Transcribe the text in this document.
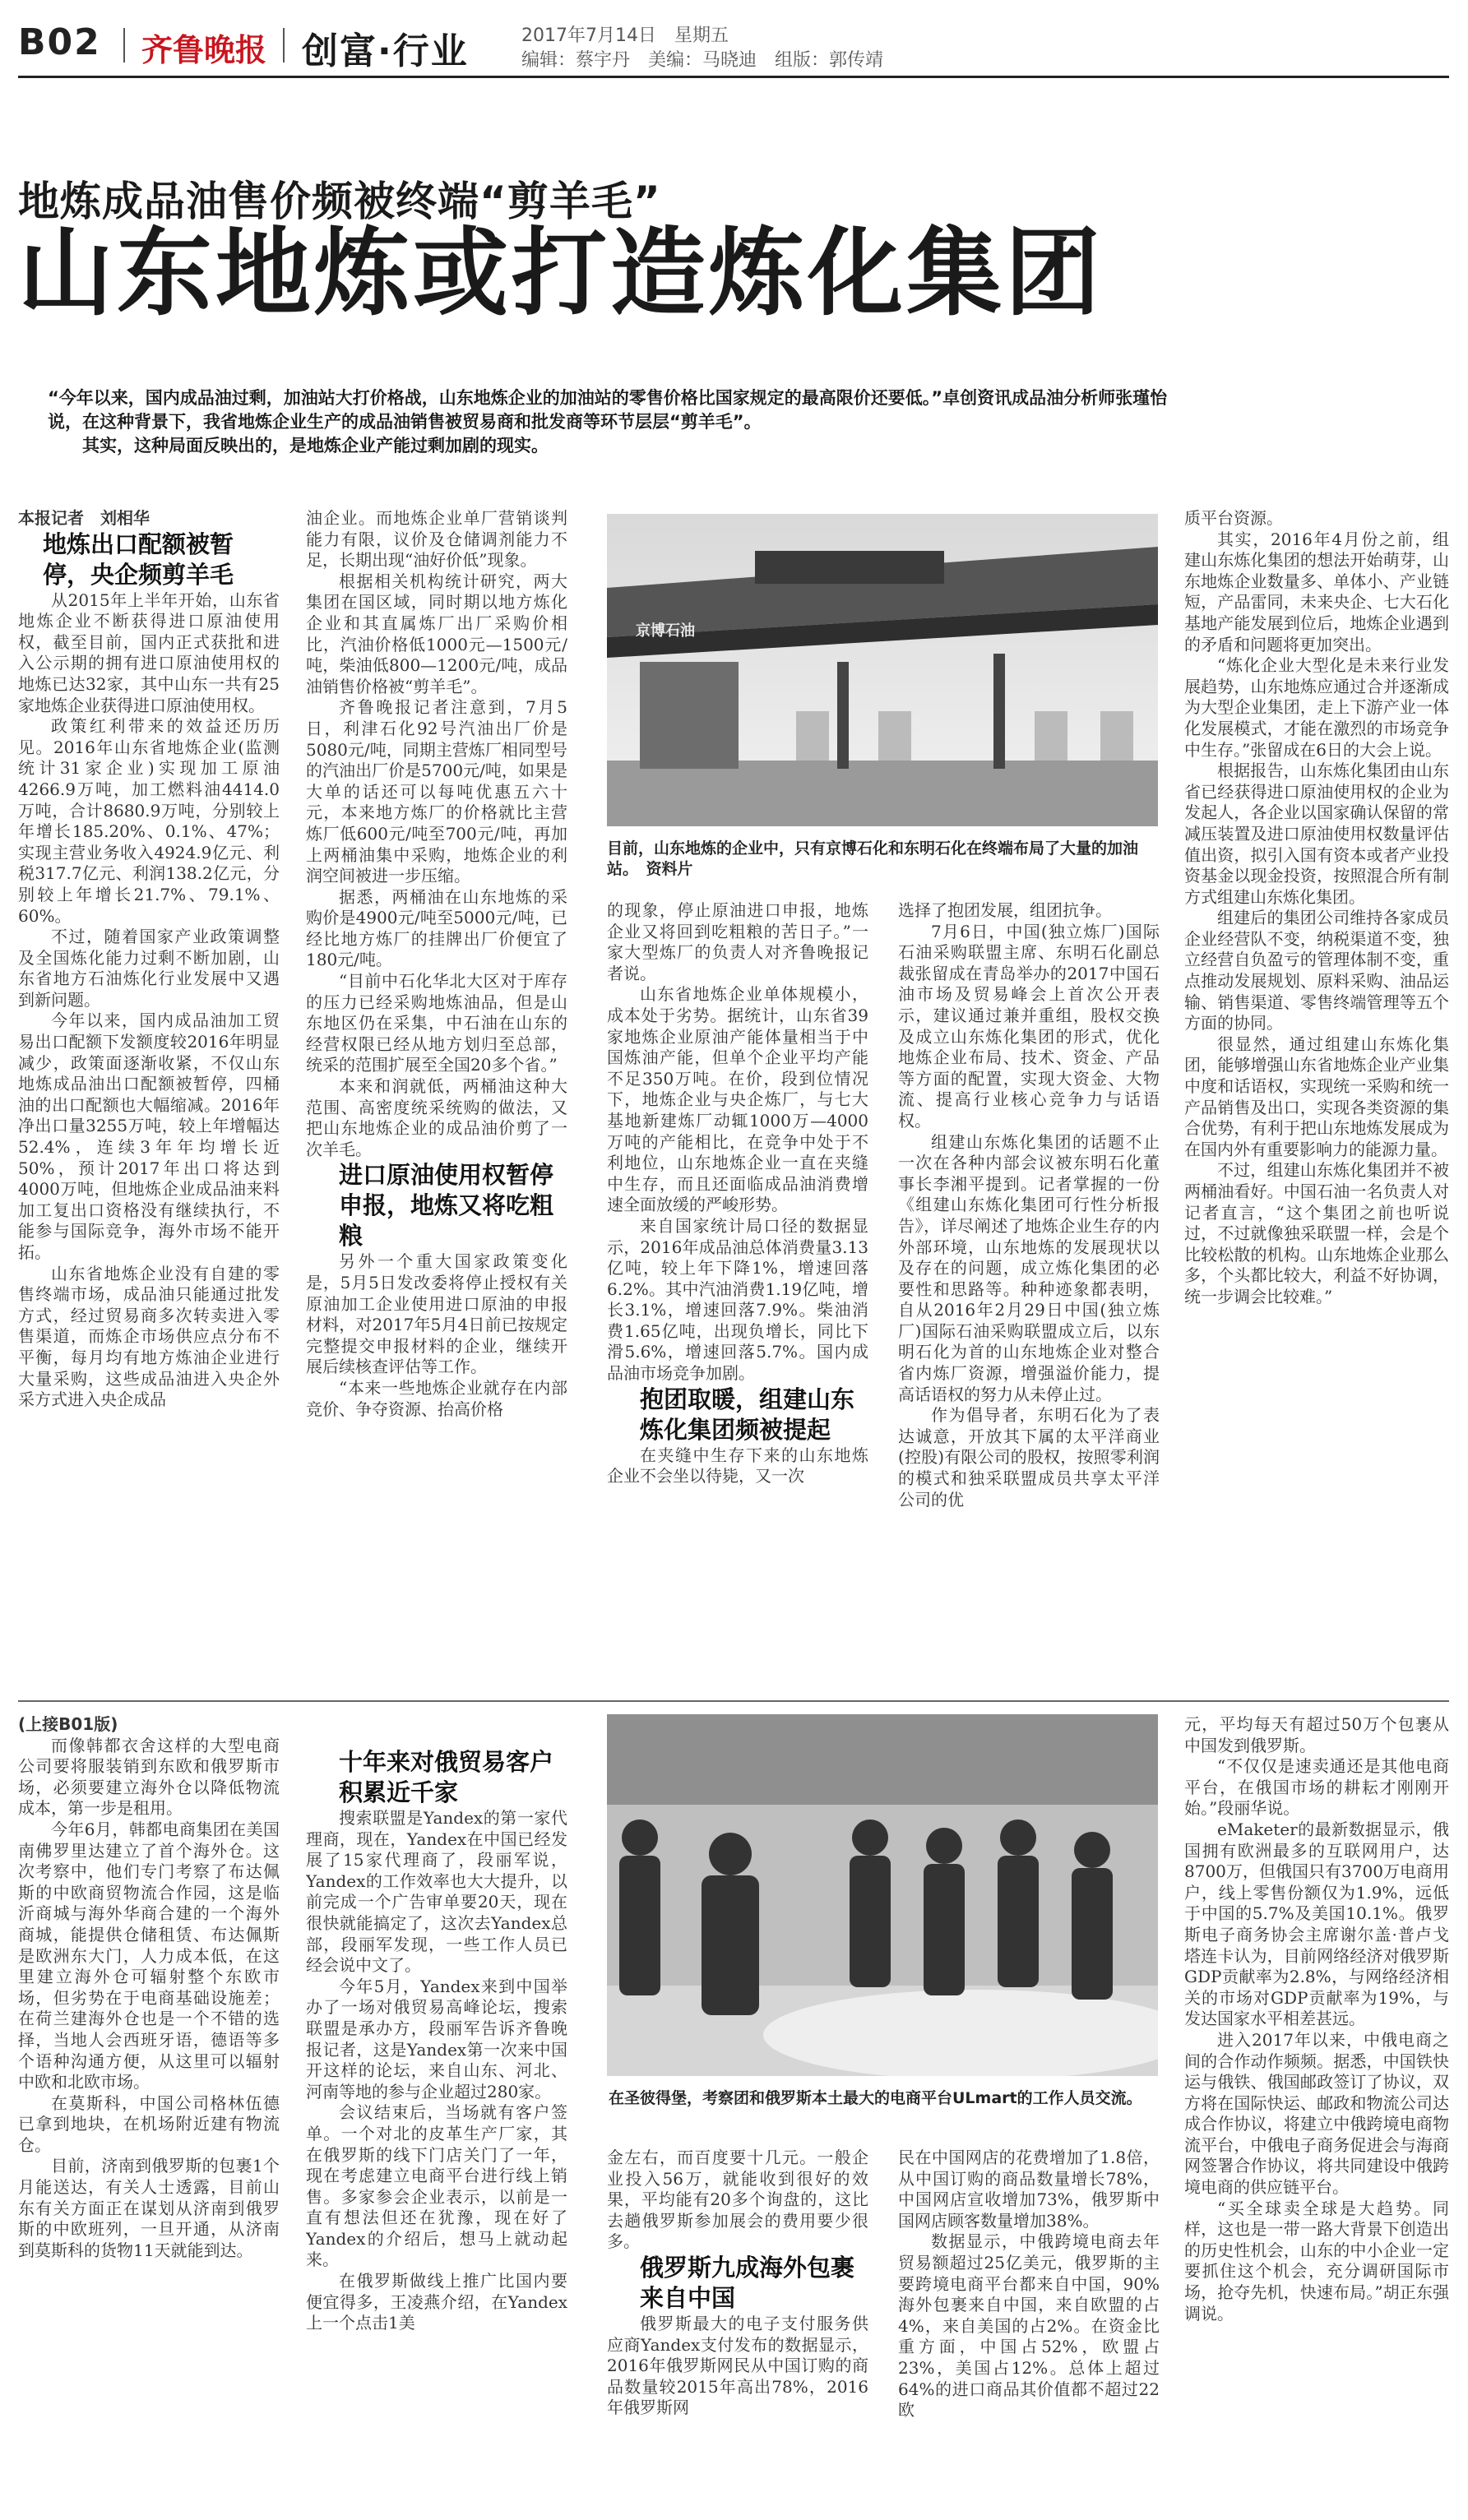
B02 齐鲁晚报 创富·行业	2017年7月14日　 星期五
编辑：蔡宇丹　美编：马晓迪　组版：郭传靖
地炼成品油售价频被终端“剪羊毛”
山东地炼或打造炼化集团

“今年以来，国内成品油过剩，加油站大打价格战，山东地炼企业的加油站的零售价格比国家规定的最高限价还要低。”卓创资讯成品油分析师张瑾怡说，在这种背景下，我省地炼企业生产的成品油销售被贸易商和批发商等环节层层“剪羊毛”。

其实，这种局面反映出的，是地炼企业产能过剩加剧的现实。

本报记者　刘相华

地炼出口配额被暂停，央企频剪羊毛

从2015年上半年开始，山东省地炼企业不断获得进口原油使用权，截至目前，国内正式获批和进入公示期的拥有进口原油使用权的地炼已达32家，其中山东一共有25家地炼企业获得进口原油使用权。

政策红利带来的效益还历历见。2016年山东省地炼企业(监测统计31家企业)实现加工原油4266.9万吨，加工燃料油4414.0万吨，合计8680.9万吨，分别较上年增长185.20%、0.1%、47%；实现主营业务收入4924.9亿元、利税317.7亿元、利润138.2亿元，分别较上年增长21.7%、79.1%、60%。

不过，随着国家产业政策调整及全国炼化能力过剩不断加剧，山东省地方石油炼化行业发展中又遇到新问题。

今年以来，国内成品油加工贸易出口配额下发额度较2016年明显减少，政策面逐渐收紧，不仅山东地炼成品油出口配额被暂停，四桶油的出口配额也大幅缩减。2016年净出口量3255万吨，较上年增幅达52.4%，连续3年年均增长近50%，预计2017年出口将达到4000万吨，但地炼企业成品油来料加工复出口资格没有继续执行，不能参与国际竞争，海外市场不能开拓。

山东省地炼企业没有自建的零售终端市场，成品油只能通过批发方式，经过贸易商多次转卖进入零售渠道，而炼企市场供应点分布不平衡，每月均有地方炼油企业进行大量采购，这些成品油进入央企外采方式进入央企成品

油企业。而地炼企业单厂营销谈判能力有限，议价及仓储调剂能力不足，长期出现“油好价低”现象。

根据相关机构统计研究，两大集团在国区域，同时期以地方炼化企业和其直属炼厂出厂采购价相比，汽油价格低1000元—1500元/吨，柴油低800—1200元/吨，成品油销售价格被“剪羊毛”。

齐鲁晚报记者注意到，7月5日，利津石化92号汽油出厂价是5080元/吨，同期主营炼厂相同型号的汽油出厂价是5700元/吨，如果是大单的话还可以每吨优惠五六十元，本来地方炼厂的价格就比主营炼厂低600元/吨至700元/吨，再加上两桶油集中采购，地炼企业的利润空间被进一步压缩。

据悉，两桶油在山东地炼的采购价是4900元/吨至5000元/吨，已经比地方炼厂的挂牌出厂价便宜了180元/吨。

“目前中石化华北大区对于库存的压力已经采购地炼油品，但是山东地区仍在采集，中石油在山东的经营权限已经从地方划归至总部，统采的范围扩展至全国20多个省。”

本来和润就低，两桶油这种大范围、高密度统采统购的做法，又把山东地炼企业的成品油价剪了一次羊毛。

进口原油使用权暂停申报，地炼又将吃粗粮

另外一个重大国家政策变化是，5月5日发改委将停止授权有关原油加工企业使用进口原油的申报材料，对2017年5月4日前已按规定完整提交申报材料的企业，继续开展后续核查评估等工作。

“本来一些地炼企业就存在内部竞价、争夺资源、抬高价格

京博石油
目前，山东地炼的企业中，只有京博石化和东明石化在终端布局了大量的加油站。　资料片

的现象，停止原油进口申报，地炼企业又将回到吃粗粮的苦日子。”一家大型炼厂的负责人对齐鲁晚报记者说。

山东省地炼企业单体规模小，成本处于劣势。据统计，山东省39家地炼企业原油产能体量相当于中国炼油产能，但单个企业平均产能不足350万吨。在价，段到位情况下，地炼企业与央企炼厂，与七大基地新建炼厂动辄1000万—4000万吨的产能相比，在竞争中处于不利地位，山东地炼企业一直在夹缝中生存，而且还面临成品油消费增速全面放缓的严峻形势。

来自国家统计局口径的数据显示，2016年成品油总体消费量3.13亿吨，较上年下降1%，增速回落6.2%。其中汽油消费1.19亿吨，增长3.1%，增速回落7.9%。柴油消费1.65亿吨，出现负增长，同比下滑5.6%，增速回落5.7%。国内成品油市场竞争加剧。

抱团取暖，组建山东炼化集团频被提起

在夹缝中生存下来的山东地炼企业不会坐以待毙，又一次

选择了抱团发展，组团抗争。

7月6日，中国(独立炼厂)国际石油采购联盟主席、东明石化副总裁张留成在青岛举办的2017中国石油市场及贸易峰会上首次公开表示，建议通过兼并重组，股权交换及成立山东炼化集团的形式，优化地炼企业布局、技术、资金、产品等方面的配置，实现大资金、大物流、提高行业核心竞争力与话语权。

组建山东炼化集团的话题不止一次在各种内部会议被东明石化董事长李湘平提到。记者掌握的一份《组建山东炼化集团可行性分析报告》，详尽阐述了地炼企业生存的内外部环境，山东地炼的发展现状以及存在的问题，成立炼化集团的必要性和思路等。种种迹象都表明，自从2016年2月29日中国(独立炼厂)国际石油采购联盟成立后，以东明石化为首的山东地炼企业对整合省内炼厂资源，增强溢价能力，提高话语权的努力从未停止过。

作为倡导者，东明石化为了表达诚意，开放其下属的太平洋商业(控股)有限公司的股权，按照零利润的模式和独采联盟成员共享太平洋公司的优

质平台资源。

其实，2016年4月份之前，组建山东炼化集团的想法开始萌芽，山东地炼企业数量多、单体小、产业链短，产品雷同，未来央企、七大石化基地产能发展到位后，地炼企业遇到的矛盾和问题将更加突出。

“炼化企业大型化是未来行业发展趋势，山东地炼应通过合并逐渐成为大型企业集团，走上下游产业一体化发展模式，才能在激烈的市场竞争中生存。”张留成在6日的大会上说。

根据报告，山东炼化集团由山东省已经获得进口原油使用权的企业为发起人，各企业以国家确认保留的常减压装置及进口原油使用权数量评估值出资，拟引入国有资本或者产业投资基金以现金投资，按照混合所有制方式组建山东炼化集团。

组建后的集团公司维持各家成员企业经营队不变，纳税渠道不变，独立经营自负盈亏的管理体制不变，重点推动发展规划、原料采购、油品运输、销售渠道、零售终端管理等五个方面的协同。

很显然，通过组建山东炼化集团，能够增强山东省地炼企业产业集中度和话语权，实现统一采购和统一产品销售及出口，实现各类资源的集合优势，有利于把山东地炼发展成为在国内外有重要影响力的能源力量。

不过，组建山东炼化集团并不被两桶油看好。中国石油一名负责人对记者直言，“这个集团之前也听说过，不过就像独采联盟一样，会是个比较松散的机构。山东地炼企业那么多，个头都比较大，利益不好协调，统一步调会比较难。”

(上接B01版)

而像韩都衣舍这样的大型电商公司要将服装销到东欧和俄罗斯市场，必须要建立海外仓以降低物流成本，第一步是租用。

今年6月，韩都电商集团在美国南佛罗里达建立了首个海外仓。这次考察中，他们专门考察了布达佩斯的中欧商贸物流合作园，这是临沂商城与海外华商合建的一个海外商城，能提供仓储租赁、布达佩斯是欧洲东大门，人力成本低，在这里建立海外仓可辐射整个东欧市场，但劣势在于电商基础设施差；在荷兰建海外仓也是一个不错的选择，当地人会西班牙语，德语等多个语种沟通方便，从这里可以辐射中欧和北欧市场。

在莫斯科，中国公司格林伍德已拿到地块，在机场附近建有物流仓。

目前，济南到俄罗斯的包裹1个月能送达，有关人士透露，目前山东有关方面正在谋划从济南到俄罗斯的中欧班列，一旦开通，从济南到莫斯科的货物11天就能到达。

十年来对俄贸易客户积累近千家

搜索联盟是Yandex的第一家代理商，现在，Yandex在中国已经发展了15家代理商了，段丽军说，Yandex的工作效率也大大提升，以前完成一个广告审单要20天，现在很快就能搞定了，这次去Yandex总部，段丽军发现，一些工作人员已经会说中文了。

今年5月，Yandex来到中国举办了一场对俄贸易高峰论坛，搜索联盟是承办方，段丽军告诉齐鲁晚报记者，这是Yandex第一次来中国开这样的论坛，来自山东、河北、河南等地的参与企业超过280家。

会议结束后，当场就有客户签单。一个对北的皮革生产厂家，其在俄罗斯的线下门店关门了一年，现在考虑建立电商平台进行线上销售。多家参会企业表示，以前是一直有想法但还在犹豫，现在好了Yandex的介绍后，想马上就动起来。

在俄罗斯做线上推广比国内要便宜得多，王凌燕介绍，在Yandex上一个点击1美

在圣彼得堡，考察团和俄罗斯本土最大的电商平台ULmart的工作人员交流。

金左右，而百度要十几元。一般企业投入56万，就能收到很好的效果，平均能有20多个询盘的，这比去趟俄罗斯参加展会的费用要少很多。

俄罗斯九成海外包裹来自中国

俄罗斯最大的电子支付服务供应商Yandex支付发布的数据显示，2016年俄罗斯网民从中国订购的商品数量较2015年高出78%，2016年俄罗斯网

民在中国网店的花费增加了1.8倍，从中国订购的商品数量增长78%，中国网店宣收增加73%，俄罗斯中国网店顾客数量增加38%。

数据显示，中俄跨境电商去年贸易额超过25亿美元，俄罗斯的主要跨境电商平台都来自中国，90%海外包裹来自中国，来自欧盟的占4%，来自美国的占2%。在资金比重方面，中国占52%，欧盟占23%，美国占12%。总体上超过64%的进口商品其价值都不超过22欧

元，平均每天有超过50万个包裹从中国发到俄罗斯。

“不仅仅是速卖通还是其他电商平台，在俄国市场的耕耘才刚刚开始。”段丽华说。

eMaketer的最新数据显示，俄国拥有欧洲最多的互联网用户，达8700万，但俄国只有3700万电商用户，线上零售份额仅为1.9%，远低于中国的5.7%及美国10.1%。俄罗斯电子商务协会主席谢尔盖·普卢戈塔连卡认为，目前网络经济对俄罗斯GDP贡献率为2.8%，与网络经济相关的市场对GDP贡献率为19%，与发达国家水平相差甚远。

进入2017年以来，中俄电商之间的合作动作频频。据悉，中国铁快运与俄铁、俄国邮政签订了协议，双方将在国际快运、邮政和物流公司达成合作协议，将建立中俄跨境电商物流平台，中俄电子商务促进会与海商网签署合作协议，将共同建设中俄跨境电商的供应链平台。

“买全球卖全球是大趋势。同样，这也是一带一路大背景下创造出的历史性机会，山东的中小企业一定要抓住这个机会，充分调研国际市场，抢夺先机，快速布局。”胡正东强调说。
